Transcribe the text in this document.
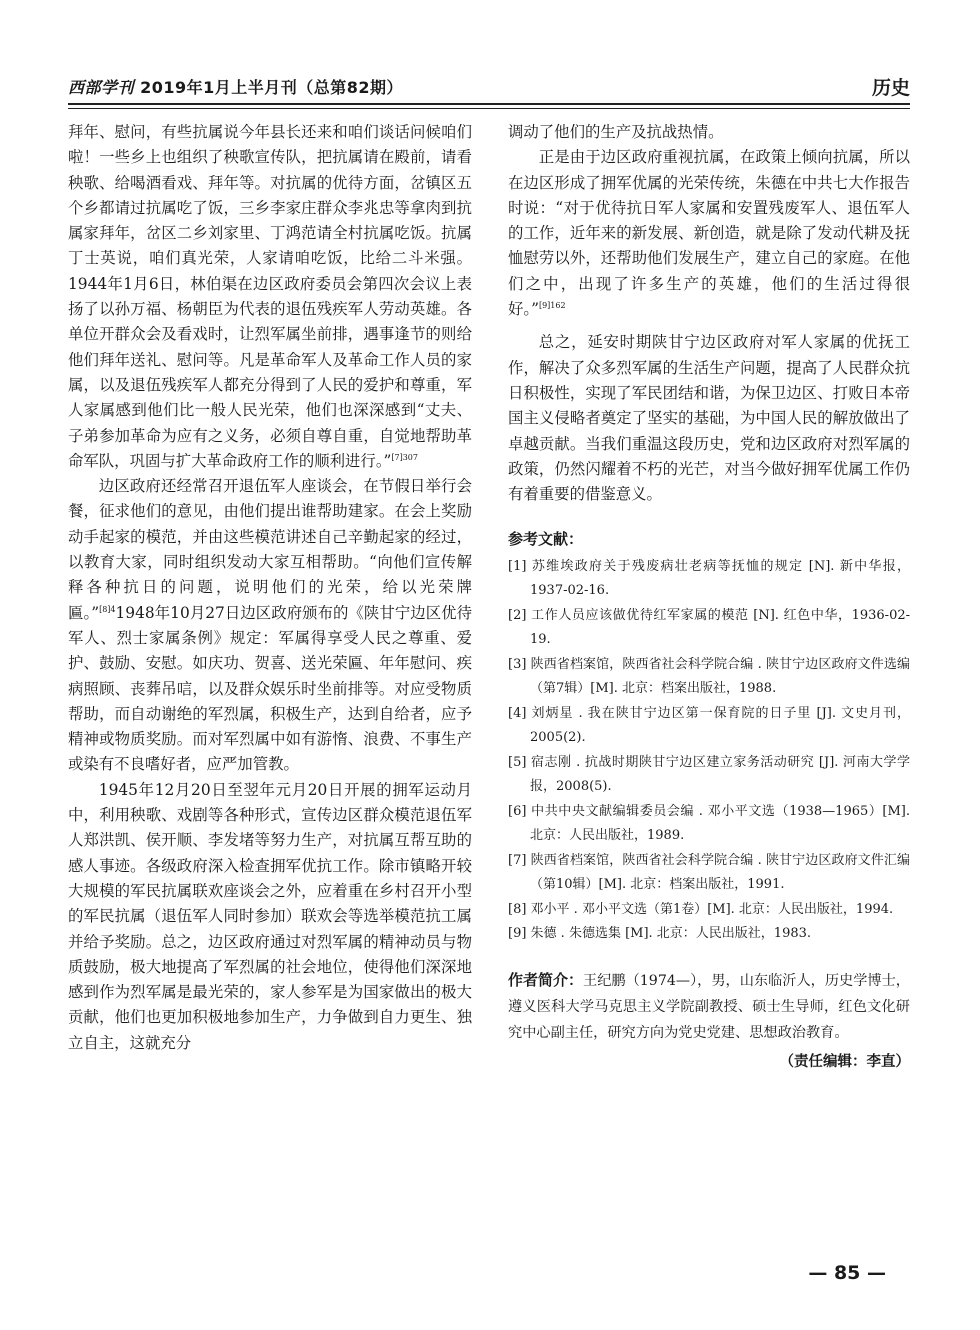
西部学刊 2019年1月上半月刊（总第82期）	历史

拜年、慰问，有些抗属说今年县长还来和咱们谈话问候咱们啦！一些乡上也组织了秧歌宣传队，把抗属请在殿前，请看秧歌、给喝酒看戏、拜年等。对抗属的优待方面，岔镇区五个乡都请过抗属吃了饭，三乡李家庄群众李兆忠等拿肉到抗属家拜年，岔区二乡刘家里、丁鸿范请全村抗属吃饭。抗属丁士英说，咱们真光荣，人家请咱吃饭，比给二斗米强。1944年1月6日，林伯渠在边区政府委员会第四次会议上表扬了以孙万福、杨朝臣为代表的退伍残疾军人劳动英雄。各单位开群众会及看戏时，让烈军属坐前排，遇事逢节的则给他们拜年送礼、慰问等。凡是革命军人及革命工作人员的家属，以及退伍残疾军人都充分得到了人民的爱护和尊重，军人家属感到他们比一般人民光荣，他们也深深感到“丈夫、子弟参加革命为应有之义务，必须自尊自重，自觉地帮助革命军队，巩固与扩大革命政府工作的顺利进行。”$^{[7]307}$

边区政府还经常召开退伍军人座谈会，在节假日举行会餐，征求他们的意见，由他们提出谁帮助建家。在会上奖励动手起家的模范，并由这些模范讲述自己辛勤起家的经过，以教育大家，同时组织发动大家互相帮助。“向他们宣传解释各种抗日的问题，说明他们的光荣，给以光荣牌匾。”$^{[8]4}$1948年10月27日边区政府颁布的《陕甘宁边区优待军人、烈士家属条例》规定：军属得享受人民之尊重、爱护、鼓励、安慰。如庆功、贺喜、送光荣匾、年年慰问、疾病照顾、丧葬吊唁，以及群众娱乐时坐前排等。对应受物质帮助，而自动谢绝的军烈属，积极生产，达到自给者，应予精神或物质奖励。而对军烈属中如有游惰、浪费、不事生产或染有不良嗜好者，应严加管教。

1945年12月20日至翌年元月20日开展的拥军运动月中，利用秧歌、戏剧等各种形式，宣传边区群众模范退伍军人郑洪凯、侯开顺、李发堵等努力生产，对抗属互帮互助的感人事迹。各级政府深入检查拥军优抗工作。除市镇略开较大规模的军民抗属联欢座谈会之外，应着重在乡村召开小型的军民抗属（退伍军人同时参加）联欢会等选举模范抗工属并给予奖励。总之，边区政府通过对烈军属的精神动员与物质鼓励，极大地提高了军烈属的社会地位，使得他们深深地感到作为烈军属是最光荣的，家人参军是为国家做出的极大贡献，他们也更加积极地参加生产，力争做到自力更生、独立自主，这就充分

调动了他们的生产及抗战热情。

正是由于边区政府重视抗属，在政策上倾向抗属，所以在边区形成了拥军优属的光荣传统，朱德在中共七大作报告时说：“对于优待抗日军人家属和安置残废军人、退伍军人的工作，近年来的新发展、新创造，就是除了发动代耕及抚恤慰劳以外，还帮助他们发展生产，建立自己的家庭。在他们之中，出现了许多生产的英雄，他们的生活过得很好。”$^{[9]162}$

总之，延安时期陕甘宁边区政府对军人家属的优抚工作，解决了众多烈军属的生活生产问题，提高了人民群众抗日积极性，实现了军民团结和谐，为保卫边区、打败日本帝国主义侵略者奠定了坚实的基础，为中国人民的解放做出了卓越贡献。当我们重温这段历史，党和边区政府对烈军属的政策，仍然闪耀着不朽的光芒，对当今做好拥军优属工作仍有着重要的借鉴意义。

参考文献：
[1] 苏维埃政府关于残废病壮老病等抚恤的规定 [N]. 新中华报，1937-02-16.
[2] 工作人员应该做优待红军家属的模范 [N]. 红色中华，1936-02-19.
[3] 陕西省档案馆，陕西省社会科学院合编 . 陕甘宁边区政府文件选编（第7辑）[M]. 北京：档案出版社，1988.
[4] 刘炳星 . 我在陕甘宁边区第一保育院的日子里 [J]. 文史月刊，2005(2).
[5] 宿志刚 . 抗战时期陕甘宁边区建立家务活动研究 [J]. 河南大学学报，2008(5).
[6] 中共中央文献编辑委员会编 . 邓小平文选（1938—1965）[M]. 北京：人民出版社，1989.
[7] 陕西省档案馆，陕西省社会科学院合编 . 陕甘宁边区政府文件汇编（第10辑）[M]. 北京：档案出版社，1991.
[8] 邓小平 . 邓小平文选（第1卷）[M]. 北京：人民出版社，1994.
[9] 朱德 . 朱德选集 [M]. 北京：人民出版社，1983.
作者简介：王纪鹏（1974—），男，山东临沂人，历史学博士，遵义医科大学马克思主义学院副教授、硕士生导师，红色文化研究中心副主任，研究方向为党史党建、思想政治教育。
（责任编辑：李直）
— 85 —
